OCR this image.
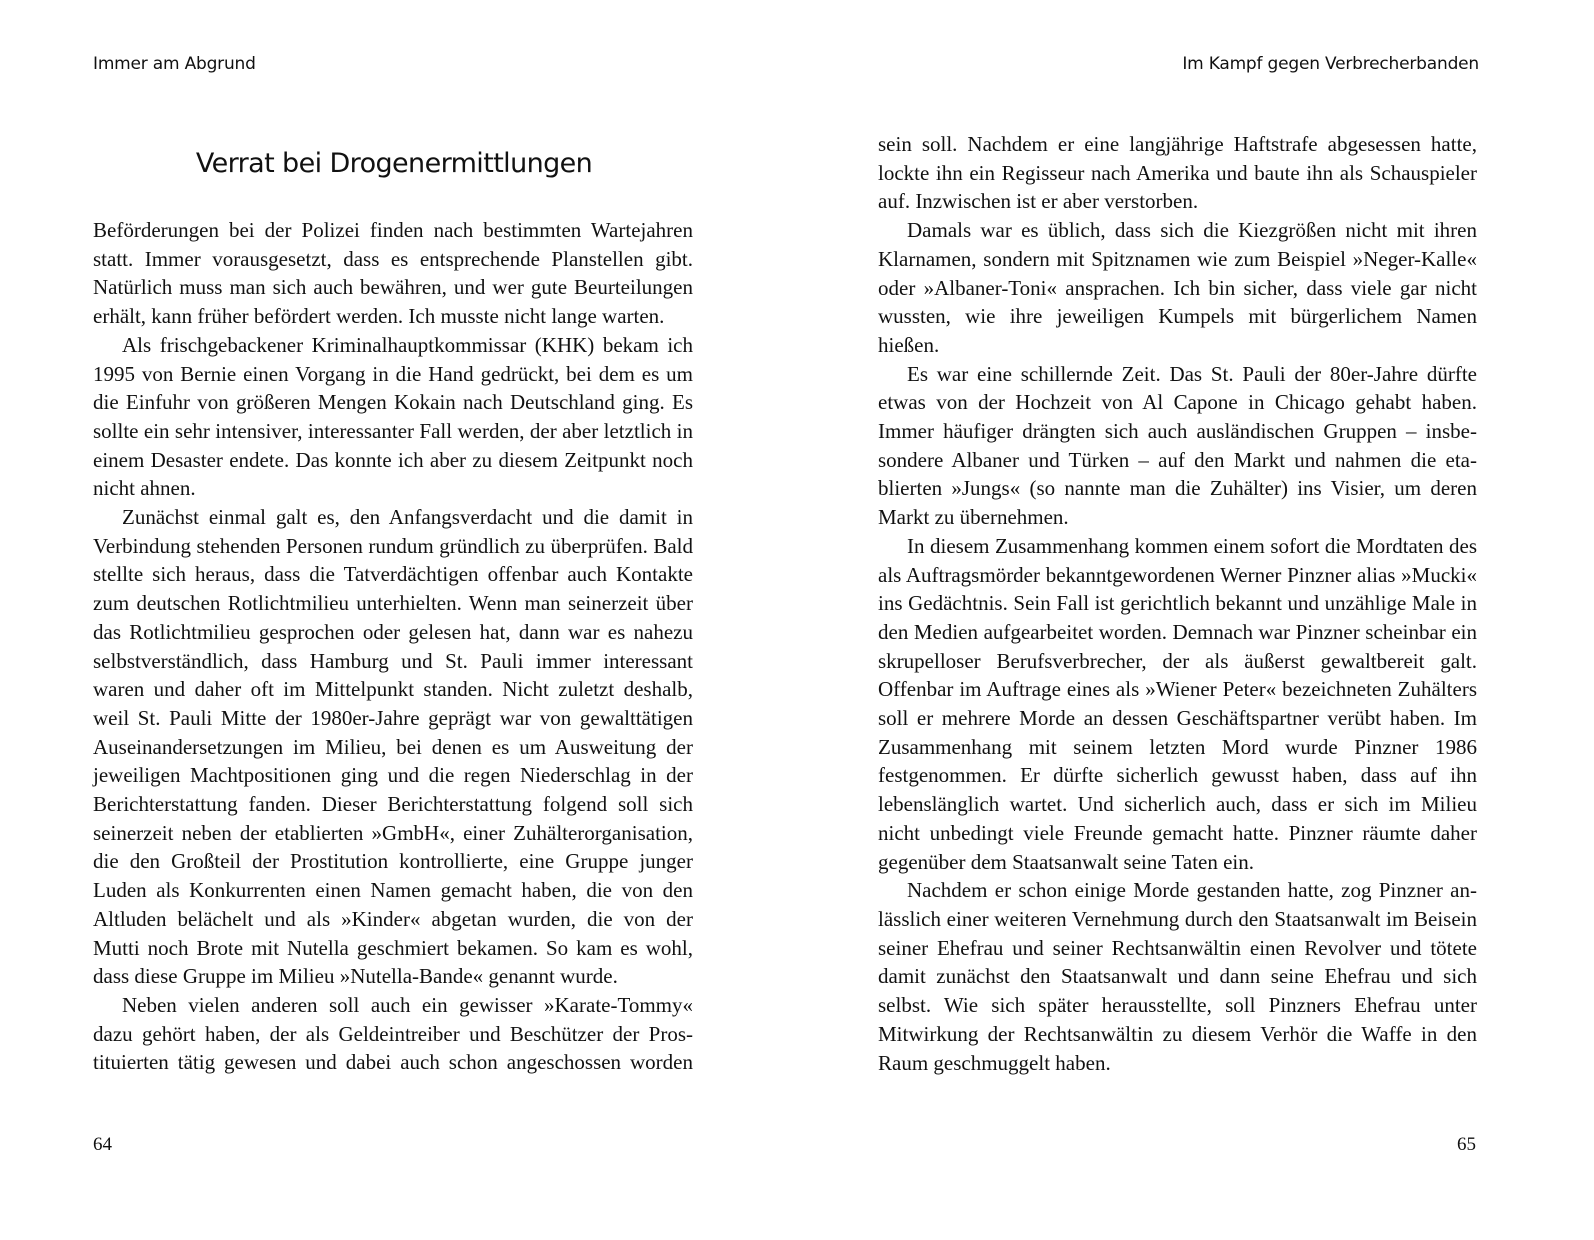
Immer am Abgrund
Verrat bei Drogenermittlungen

Beförderungen bei der Polizei finden nach bestimmten Wartejahren statt. Immer vorausgesetzt, dass es entsprechende Planstellen gibt. Natürlich muss man sich auch bewähren, und wer gute Beurteilungen erhält, kann früher befördert werden. Ich musste nicht lange warten.

Als frischgebackener Kriminalhauptkommissar (KHK) bekam ich 1995 von Bernie einen Vorgang in die Hand gedrückt, bei dem es um die Einfuhr von größeren Mengen Kokain nach Deutschland ging. Es sollte ein sehr intensiver, interessanter Fall werden, der aber letztlich in einem Desaster endete. Das konnte ich aber zu diesem Zeitpunkt noch nicht ahnen.

Zunächst einmal galt es, den Anfangsverdacht und die damit in Verbindung stehenden Personen rundum gründlich zu überprüfen. Bald stellte sich heraus, dass die Tatverdächtigen offenbar auch Kontakte zum deutschen Rotlichtmilieu unterhielten. Wenn man seinerzeit über das Rotlichtmilieu gesprochen oder gelesen hat, dann war es nahezu selbstverständlich, dass Hamburg und St. Pauli immer interessant waren und daher oft im Mittelpunkt standen. Nicht zuletzt deshalb, weil St. Pauli Mitte der 1980er-Jahre geprägt war von gewalttätigen Auseinandersetzungen im Milieu, bei denen es um Ausweitung der jeweiligen Machtpositionen ging und die regen Niederschlag in der Berichterstattung fanden. Dieser Berichterstattung folgend soll sich seinerzeit neben der etablierten »GmbH«, einer Zuhälterorganisation, die den Großteil der Prostitution kontrollierte, eine Gruppe junger Luden als Konkurrenten einen Namen gemacht haben, die von den Altluden belächelt und als »Kinder« abgetan wurden, die von der Mutti noch Brote mit Nutella geschmiert bekamen. So kam es wohl, dass diese Gruppe im Milieu »Nutella-Bande« genannt wurde.

Neben vielen anderen soll auch ein gewisser »Karate-Tommy« dazu gehört haben, der als Geldeintreiber und Beschützer der Prostituierten tätig gewesen und dabei auch schon angeschossen worden

64
Im Kampf gegen Verbrecherbanden

sein soll. Nachdem er eine langjährige Haftstrafe abgesessen hatte, lockte ihn ein Regisseur nach Amerika und baute ihn als Schauspieler auf. Inzwischen ist er aber verstorben.

Damals war es üblich, dass sich die Kiezgrößen nicht mit ihren Klarnamen, sondern mit Spitznamen wie zum Beispiel »Neger-Kalle« oder »Albaner-Toni« ansprachen. Ich bin sicher, dass viele gar nicht wussten, wie ihre jeweiligen Kumpels mit bürgerlichem Namen hießen.

Es war eine schillernde Zeit. Das St. Pauli der 80er-Jahre dürfte etwas von der Hochzeit von Al Capone in Chicago gehabt haben. Immer häufiger drängten sich auch ausländischen Gruppen – insbesondere Albaner und Türken – auf den Markt und nahmen die etablierten »Jungs« (so nannte man die Zuhälter) ins Visier, um deren Markt zu übernehmen.

In diesem Zusammenhang kommen einem sofort die Mordtaten des als Auftragsmörder bekanntgewordenen Werner Pinzner alias »Mucki« ins Gedächtnis. Sein Fall ist gerichtlich bekannt und unzählige Male in den Medien aufgearbeitet worden. Demnach war Pinzner scheinbar ein skrupelloser Berufsverbrecher, der als äußerst gewaltbereit galt. Offenbar im Auftrage eines als »Wiener Peter« bezeichneten Zuhälters soll er mehrere Morde an dessen Geschäftspartner verübt haben. Im Zusammenhang mit seinem letzten Mord wurde Pinzner 1986 festgenommen. Er dürfte sicherlich gewusst haben, dass auf ihn lebenslänglich wartet. Und sicherlich auch, dass er sich im Milieu nicht unbedingt viele Freunde gemacht hatte. Pinzner räumte daher gegenüber dem Staatsanwalt seine Taten ein.

Nachdem er schon einige Morde gestanden hatte, zog Pinzner anlässlich einer weiteren Vernehmung durch den Staatsanwalt im Beisein seiner Ehefrau und seiner Rechtsanwältin einen Revolver und tötete damit zunächst den Staatsanwalt und dann seine Ehefrau und sich selbst. Wie sich später herausstellte, soll Pinzners Ehefrau unter Mitwirkung der Rechtsanwältin zu diesem Verhör die Waffe in den Raum geschmuggelt haben.

65
